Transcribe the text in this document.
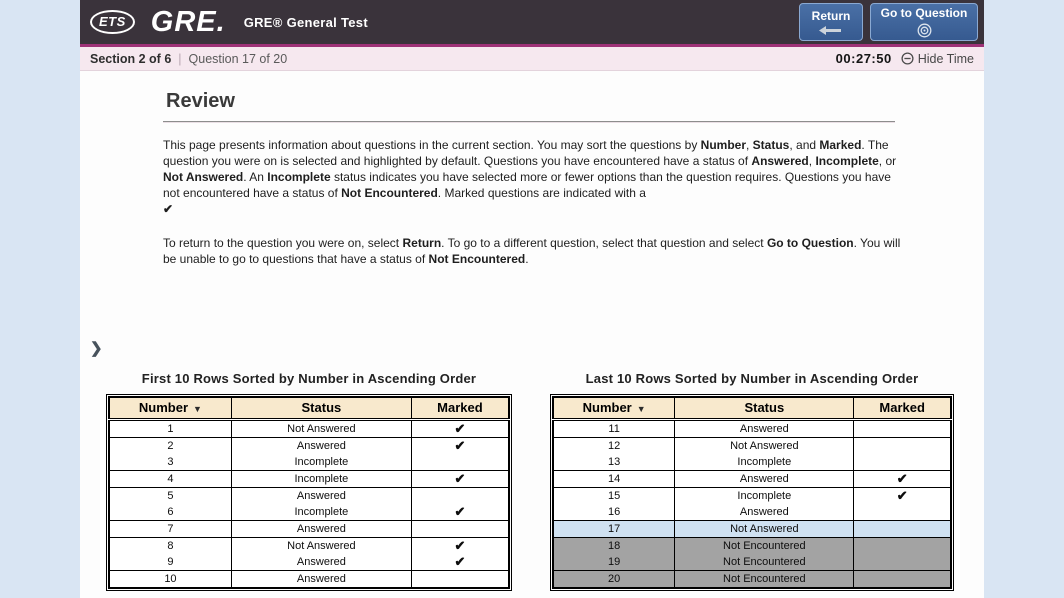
ETS GRE. GRE® General Test	Return	Go to Question
Section 2 of 6 | Question 17 of 20	00:27:50 Hide Time
Review
This page presents information about questions in the current section. You may sort the questions by Number, Status, and Marked. The question you were on is selected and highlighted by default. Questions you have encountered have a status of Answered, Incomplete, or Not Answered. An Incomplete status indicates you have selected more or fewer options than the question requires. Questions you have not encountered have a status of Not Encountered. Marked questions are indicated with a
✔
To return to the question you were on, select Return. To go to a different question, select that question and select Go to Question. You will be unable to go to questions that have a status of Not Encountered.
❯
First 10 Rows Sorted by Number in Ascending Order
Number ▼	Status	Marked
1	Not Answered	✔
2	Answered	✔
3	Incomplete	
4	Incomplete	✔
5	Answered	
6	Incomplete	✔
7	Answered	
8	Not Answered	✔
9	Answered	✔
10	Answered	
Last 10 Rows Sorted by Number in Ascending Order
Number ▼	Status	Marked
11	Answered	
12	Not Answered	
13	Incomplete	
14	Answered	✔
15	Incomplete	✔
16	Answered	
17	Not Answered	
18	Not Encountered	
19	Not Encountered	
20	Not Encountered	
